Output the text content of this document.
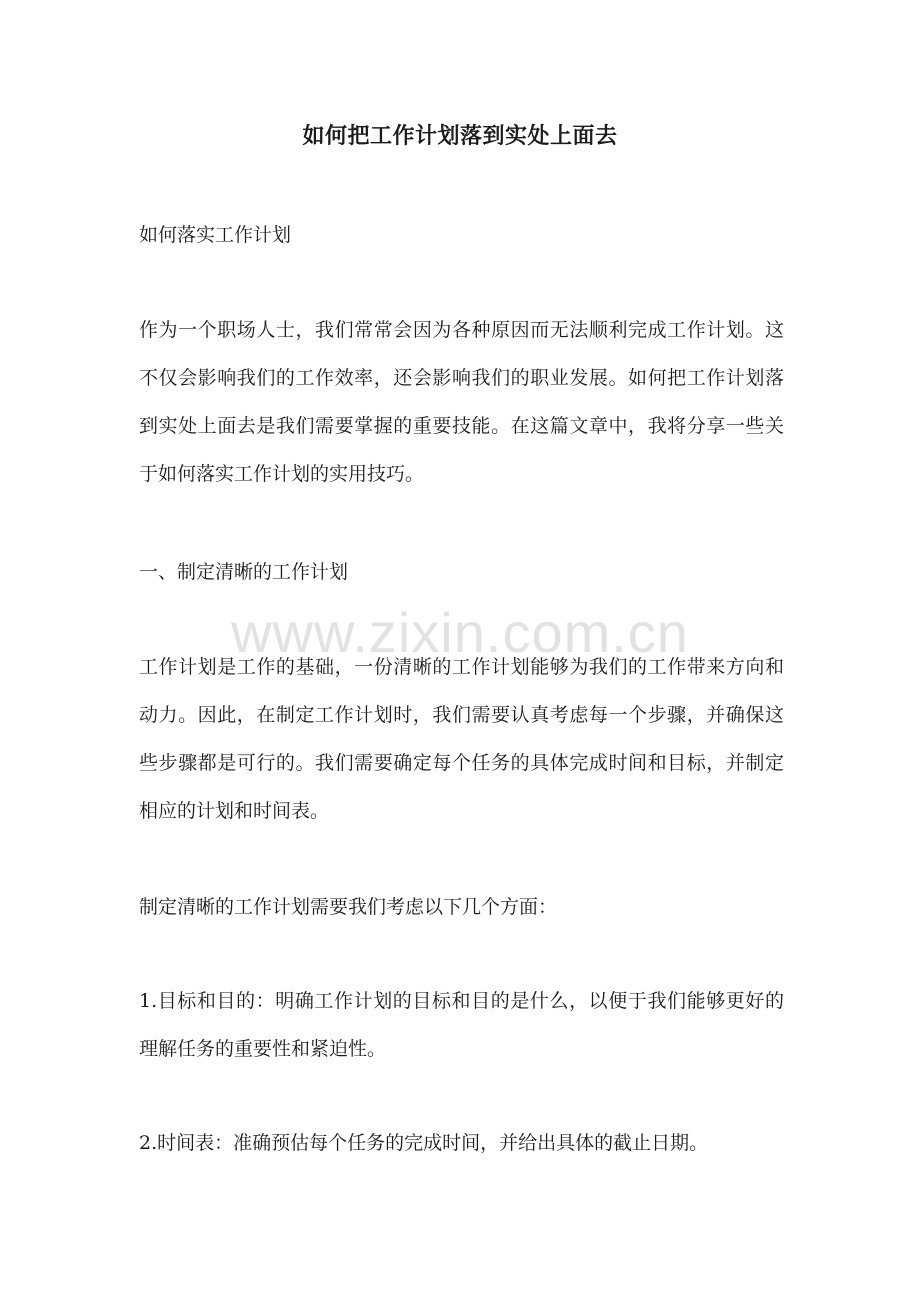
如何把工作计划落到实处上面去
如何落实工作计划
作为一个职场人士，我们常常会因为各种原因而无法顺利完成工作计划。这不仅会影响我们的工作效率，还会影响我们的职业发展。如何把工作计划落到实处上面去是我们需要掌握的重要技能。在这篇文章中，我将分享一些关于如何落实工作计划的实用技巧。
一、制定清晰的工作计划
工作计划是工作的基础，一份清晰的工作计划能够为我们的工作带来方向和动力。因此，在制定工作计划时，我们需要认真考虑每一个步骤，并确保这些步骤都是可行的。我们需要确定每个任务的具体完成时间和目标，并制定相应的计划和时间表。
制定清晰的工作计划需要我们考虑以下几个方面：
1.目标和目的：明确工作计划的目标和目的是什么，以便于我们能够更好的理解任务的重要性和紧迫性。
2.时间表：准确预估每个任务的完成时间，并给出具体的截止日期。
www.zixin.com.cn
